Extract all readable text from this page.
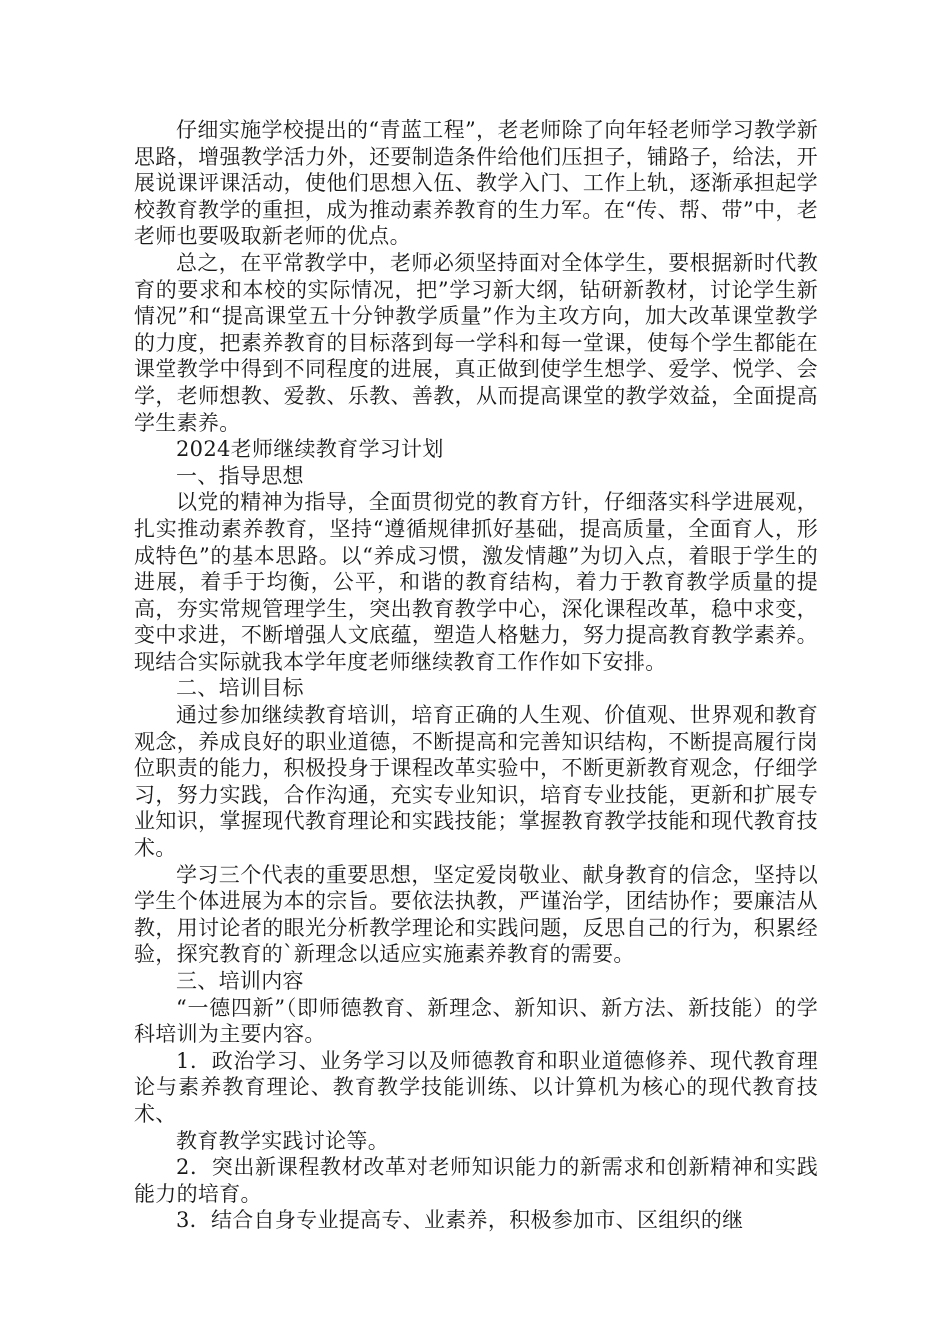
仔细实施学校提出的“青蓝工程”，老老师除了向年轻老师学习教学新思路，增强教学活力外，还要制造条件给他们压担子，铺路子，给法，开展说课评课活动，使他们思想入伍、教学入门、工作上轨，逐渐承担起学校教育教学的重担，成为推动素养教育的生力军。在“传、帮、带”中，老老师也要吸取新老师的优点。

总之，在平常教学中，老师必须坚持面对全体学生，要根据新时代教育的要求和本校的实际情况，把”学习新大纲，钻研新教材，讨论学生新情况”和“提高课堂五十分钟教学质量”作为主攻方向，加大改革课堂教学的力度，把素养教育的目标落到每一学科和每一堂课，使每个学生都能在课堂教学中得到不同程度的进展，真正做到使学生想学、爱学、悦学、会学，老师想教、爱教、乐教、善教，从而提高课堂的教学效益，全面提高学生素养。

2024老师继续教育学习计划

一、指导思想

以党的精神为指导，全面贯彻党的教育方针，仔细落实科学进展观，扎实推动素养教育，坚持“遵循规律抓好基础，提高质量，全面育人，形成特色”的基本思路。以“养成习惯，激发情趣”为切入点，着眼于学生的进展，着手于均衡，公平，和谐的教育结构，着力于教育教学质量的提高，夯实常规管理学生，突出教育教学中心，深化课程改革，稳中求变，变中求进，不断增强人文底蕴，塑造人格魅力，努力提高教育教学素养。现结合实际就我本学年度老师继续教育工作作如下安排。

二、培训目标

通过参加继续教育培训，培育正确的人生观、价值观、世界观和教育观念，养成良好的职业道德，不断提高和完善知识结构，不断提高履行岗位职责的能力，积极投身于课程改革实验中，不断更新教育观念，仔细学习，努力实践，合作沟通，充实专业知识，培育专业技能，更新和扩展专业知识，掌握现代教育理论和实践技能；掌握教育教学技能和现代教育技术。

学习三个代表的重要思想，坚定爱岗敬业、献身教育的信念，坚持以学生个体进展为本的宗旨。要依法执教，严谨治学，团结协作；要廉洁从教，用讨论者的眼光分析教学理论和实践问题，反思自己的行为，积累经验，探究教育的`新理念以适应实施素养教育的需要。

三、培训内容

“一德四新”（即师德教育、新理念、新知识、新方法、新技能）的学科培训为主要内容。

1．政治学习、业务学习以及师德教育和职业道德修养、现代教育理论与素养教育理论、教育教学技能训练、以计算机为核心的现代教育技术、

教育教学实践讨论等。

2．突出新课程教材改革对老师知识能力的新需求和创新精神和实践能力的培育。

3．结合自身专业提高专、业素养，积极参加市、区组织的继
